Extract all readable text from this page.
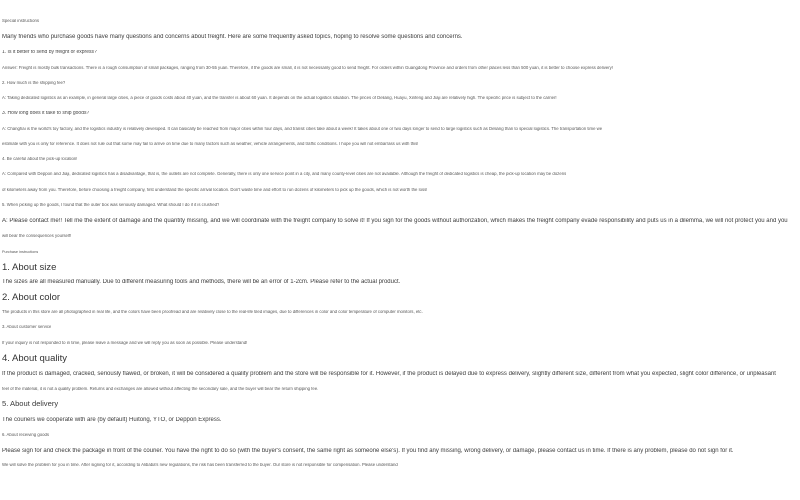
Special instructions
Many friends who purchase goods have many questions and concerns about freight. Here are some frequently asked topics, hoping to resolve some questions and concerns.
1. Is it better to send by freight or express?
Answer: Freight is mostly bulk transactions. There is a rough consumption of small packages, ranging from 30-55 yuan. Therefore, if the goods are small, it is not necessarily good to send freight. For orders within Guangdong Province and orders from other places less than 500 yuan, it is better to choose express delivery!
2. How much is the shipping fee?
A: Taking dedicated logistics as an example, in general large cities, a piece of goods costs about 40 yuan, and the transfer is about 60 yuan. It depends on the actual logistics situation. The prices of Deliang, Huayu, Xinfeng and Jiaji are relatively high. The specific price is subject to the carrier!
3. How long does it take to ship goods?
A: Changhai is the world's toy factory, and the logistics industry is relatively developed. It can basically be reached from major cities within four days, and transit cities take about a week! It takes about one or two days longer to send to large logistics such as Deliang than to special logistics. The transportation time we
estimate with you is only for reference. It does not rule out that some may fail to arrive on time due to many factors such as weather, vehicle arrangements, and traffic conditions. I hope you will not embarrass us with this!
4. Be careful about the pick-up location!
A: Compared with Deppon and Jiaji, dedicated logistics has a disadvantage, that is, the outlets are not complete. Generally, there is only one service point in a city, and many county-level cities are not available. Although the freight of dedicated logistics is cheap, the pick-up location may be dozens
of kilometers away from you. Therefore, before choosing a freight company, first understand the specific arrival location. Don't waste time and effort to run dozens of kilometers to pick up the goods, which is not worth the loss!
5. When picking up the goods, I found that the outer box was seriously damaged. What should I do if it is crushed?
A: Please contact me!! Tell me the extent of damage and the quantity missing, and we will coordinate with the freight company to solve it! If you sign for the goods without authorization, which makes the freight company evade responsibility and puts us in a dilemma, we will not protect you and you
will bear the consequences yourself!
Purchase instructions
1. About size
The sizes are all measured manually. Due to different measuring tools and methods, there will be an error of 1-2cm. Please refer to the actual product.
2. About color
The products in this store are all photographed in real life, and the colors have been proofread and are relatively close to the real-life tiled images, due to differences in color and color temperature of computer monitors, etc.
3. About customer service
If your inquiry is not responded to in time, please leave a message and we will reply you as soon as possible. Please understand!
4. About quality
If the product is damaged, cracked, seriously flawed, or broken, it will be considered a quality problem and the store will be responsible for it. However, if the product is delayed due to express delivery, slightly different size, different from what you expected, slight color difference, or unpleasant
feel of the material, it is not a quality problem. Returns and exchanges are allowed without affecting the secondary sale, and the buyer will bear the return shipping fee.
5. About delivery
The couriers we cooperate with are (by default) Huitong, YTO, or Deppon Express.
6. About receiving goods
Please sign for and check the package in front of the courier. You have the right to do so (with the buyer's consent, the same right as someone else's). If you find any missing, wrong delivery, or damage, please contact us in time. If there is any problem, please do not sign for it.
We will solve the problem for you in time. After signing for it, according to Alibaba's new regulations, the risk has been transferred to the buyer. Our store is not responsible for compensation. Please understand
